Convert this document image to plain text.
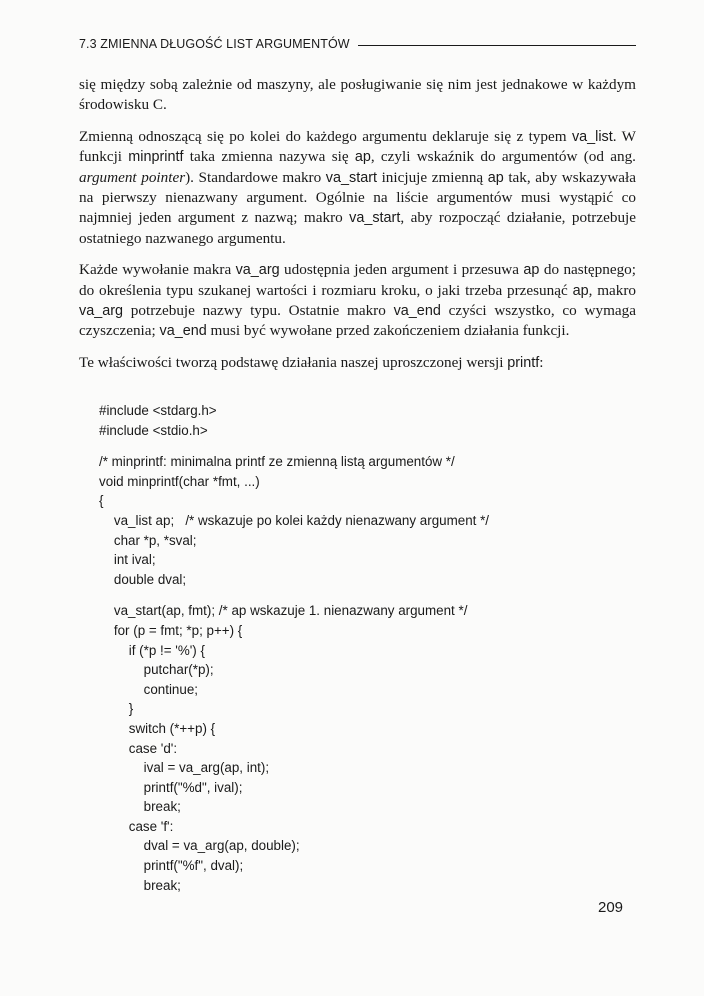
7.3 ZMIENNA DŁUGOŚĆ LIST ARGUMENTÓW

się między sobą zależnie od maszyny, ale posługiwanie się nim jest jednakowe w każdym środowisku C.

Zmienną odnoszącą się po kolei do każdego argumentu deklaruje się z typem va_list. W funkcji minprintf taka zmienna nazywa się ap, czyli wskaźnik do argumentów (od ang. argument pointer). Standardowe makro va_start inicjuje zmienną ap tak, aby wskazywała na pierwszy nienazwany argument. Ogólnie na liście argumentów musi wystąpić co najmniej jeden argument z nazwą; makro va_start, aby rozpocząć działanie, potrzebuje ostatniego nazwanego argumentu.

Każde wywołanie makra va_arg udostępnia jeden argument i przesuwa ap do następnego; do określenia typu szukanej wartości i rozmiaru kroku, o jaki trzeba przesunąć ap, makro va_arg potrzebuje nazwy typu. Ostatnie makro va_end czyści wszystko, co wymaga czyszczenia; va_end musi być wywołane przed zakończeniem działania funkcji.

Te właściwości tworzą podstawę działania naszej uproszczonej wersji printf:

#include <stdarg.h>
#include <stdio.h>
/* minprintf: minimalna printf ze zmienną listą argumentów */
void minprintf(char *fmt, ...)
{
va_list ap;   /* wskazuje po kolei każdy nienazwany argument */
char *p, *sval;
int ival;
double dval;
va_start(ap, fmt); /* ap wskazuje 1. nienazwany argument */
for (p = fmt; *p; p++) {
if (*p != '%') {
putchar(*p);
continue;
}
switch (*++p) {
case 'd':
ival = va_arg(ap, int);
printf("%d", ival);
break;
case 'f':
dval = va_arg(ap, double);
printf("%f", dval);
break;
209
